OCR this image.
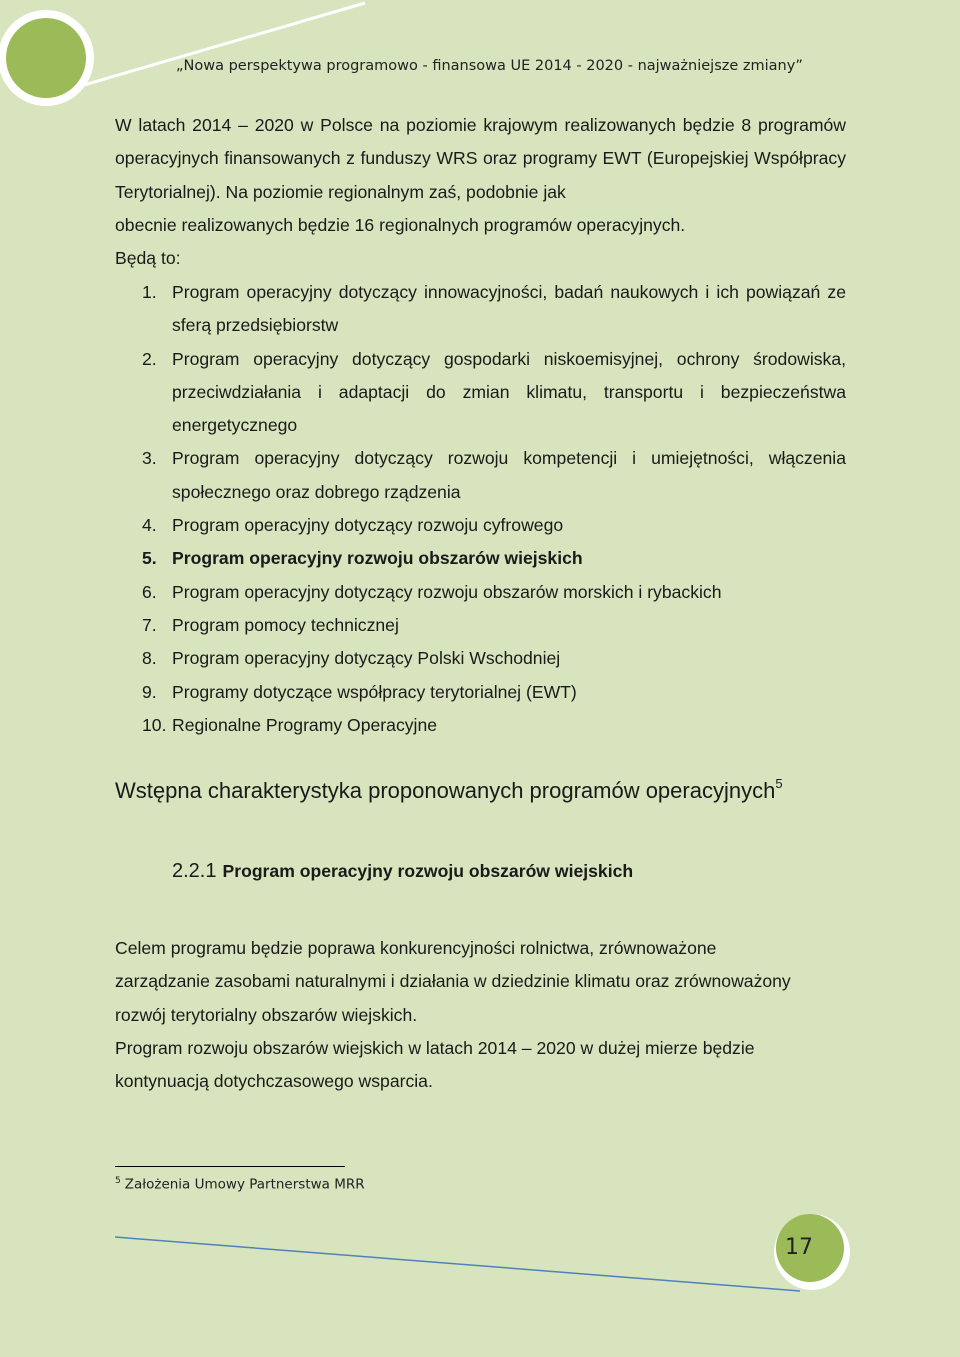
„Nowa perspektywa programowo - finansowa UE 2014 - 2020 - najważniejsze zmiany”
W latach 2014 – 2020 w Polsce na poziomie krajowym realizowanych będzie 8 programów operacyjnych finansowanych z funduszy WRS oraz programy EWT (Europejskiej Współpracy Terytorialnej). Na poziomie regionalnym zaś, podobnie jak
obecnie realizowanych będzie 16 regionalnych programów operacyjnych.
Będą to:
1. Program operacyjny dotyczący innowacyjności, badań naukowych i ich powiązań ze sferą przedsiębiorstw
2. Program operacyjny dotyczący gospodarki niskoemisyjnej, ochrony środowiska, przeciwdziałania i adaptacji do zmian klimatu, transportu i bezpieczeństwa energetycznego
3. Program operacyjny dotyczący rozwoju kompetencji i umiejętności, włączenia społecznego oraz dobrego rządzenia
4. Program operacyjny dotyczący rozwoju cyfrowego
5. Program operacyjny rozwoju obszarów wiejskich
6. Program operacyjny dotyczący rozwoju obszarów morskich i rybackich
7. Program pomocy technicznej
8. Program operacyjny dotyczący Polski Wschodniej
9. Programy dotyczące współpracy terytorialnej (EWT)
10. Regionalne Programy Operacyjne
Wstępna charakterystyka proponowanych programów operacyjnych$^5$
2.2.1 Program operacyjny rozwoju obszarów wiejskich

Celem programu będzie poprawa konkurencyjności rolnictwa, zrównoważone zarządzanie zasobami naturalnymi i działania w dziedzinie klimatu oraz zrównoważony rozwój terytorialny obszarów wiejskich.

Program rozwoju obszarów wiejskich w latach 2014 – 2020 w dużej mierze będzie kontynuacją dotychczasowego wsparcia.

$^5$ Założenia Umowy Partnerstwa MRR
17
